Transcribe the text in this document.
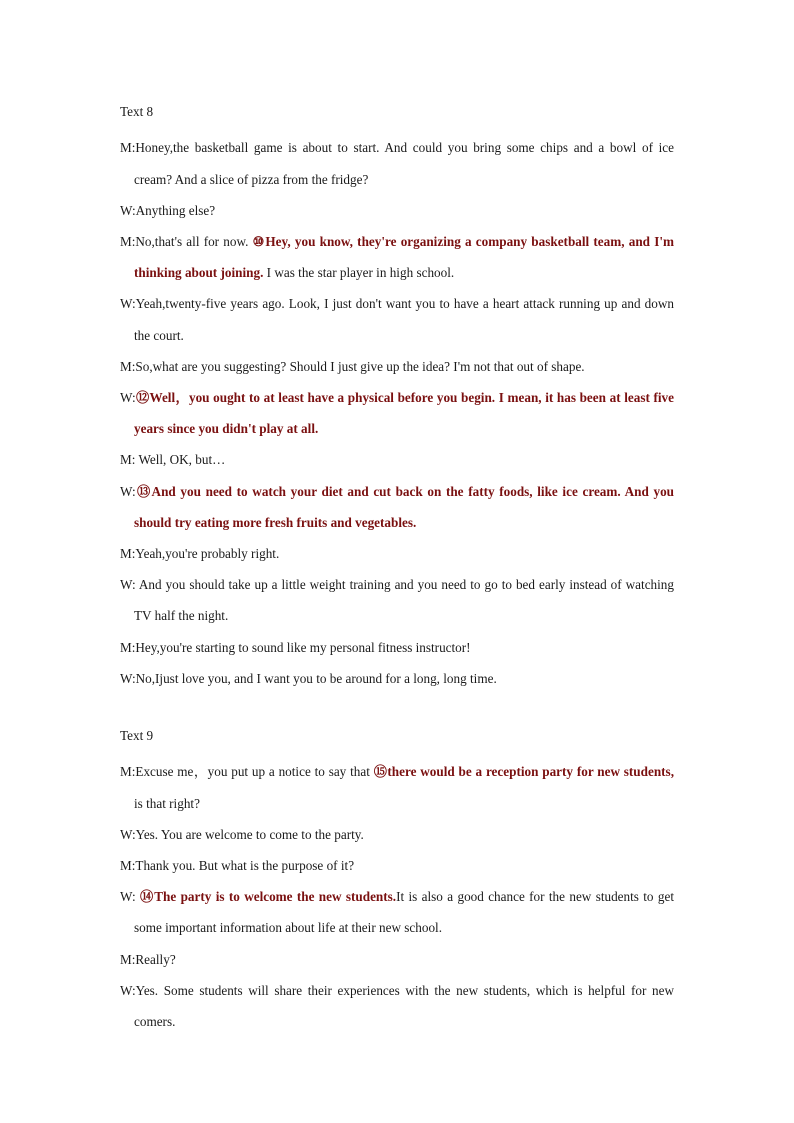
Text 8

M:Honey,the basketball game is about to start. And could you bring some chips and a bowl of ice cream? And a slice of pizza from the fridge?

W:Anything else?

M:No,that's all for now. ⑩Hey, you know, they're organizing a company basketball team, and I'm thinking about joining. I was the star player in high school.

W:Yeah,twenty-five years ago. Look, I just don't want you to have a heart attack running up and down the court.

M:So,what are you suggesting? Should I just give up the idea? I'm not that out of shape.

W:⑫Well，you ought to at least have a physical before you begin. I mean, it has been at least five years since you didn't play at all.

M: Well, OK, but…

W:⑬And you need to watch your diet and cut back on the fatty foods, like ice cream. And you should try eating more fresh fruits and vegetables.

M:Yeah,you're probably right.

W: And you should take up a little weight training and you need to go to bed early instead of watching TV half the night.

M:Hey,you're starting to sound like my personal fitness instructor!

W:No,Ijust love you, and I want you to be around for a long, long time.

Text 9

M:Excuse me，you put up a notice to say that ⑮there would be a reception party for new students, is that right?

W:Yes. You are welcome to come to the party.

M:Thank you. But what is the purpose of it?

W: ⑭The party is to welcome the new students.It is also a good chance for the new students to get some important information about life at their new school.

M:Really?

W:Yes. Some students will share their experiences with the new students, which is helpful for new comers.
